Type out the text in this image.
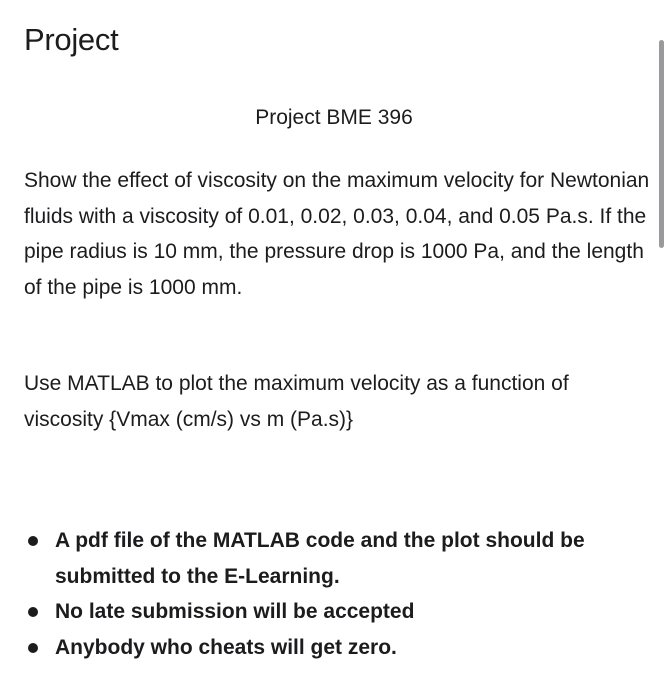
Project
Project BME 396

Show the effect of viscosity on the maximum velocity for Newtonian fluids with a viscosity of 0.01, 0.02, 0.03, 0.04, and 0.05 Pa.s. If the pipe radius is 10 mm, the pressure drop is 1000 Pa, and the length of the pipe is 1000 mm.

Use MATLAB to plot the maximum velocity as a function of viscosity {Vmax (cm/s) vs m (Pa.s)}

A pdf file of the MATLAB code and the plot should be submitted to the E-Learning.
No late submission will be accepted
Anybody who cheats will get zero.
